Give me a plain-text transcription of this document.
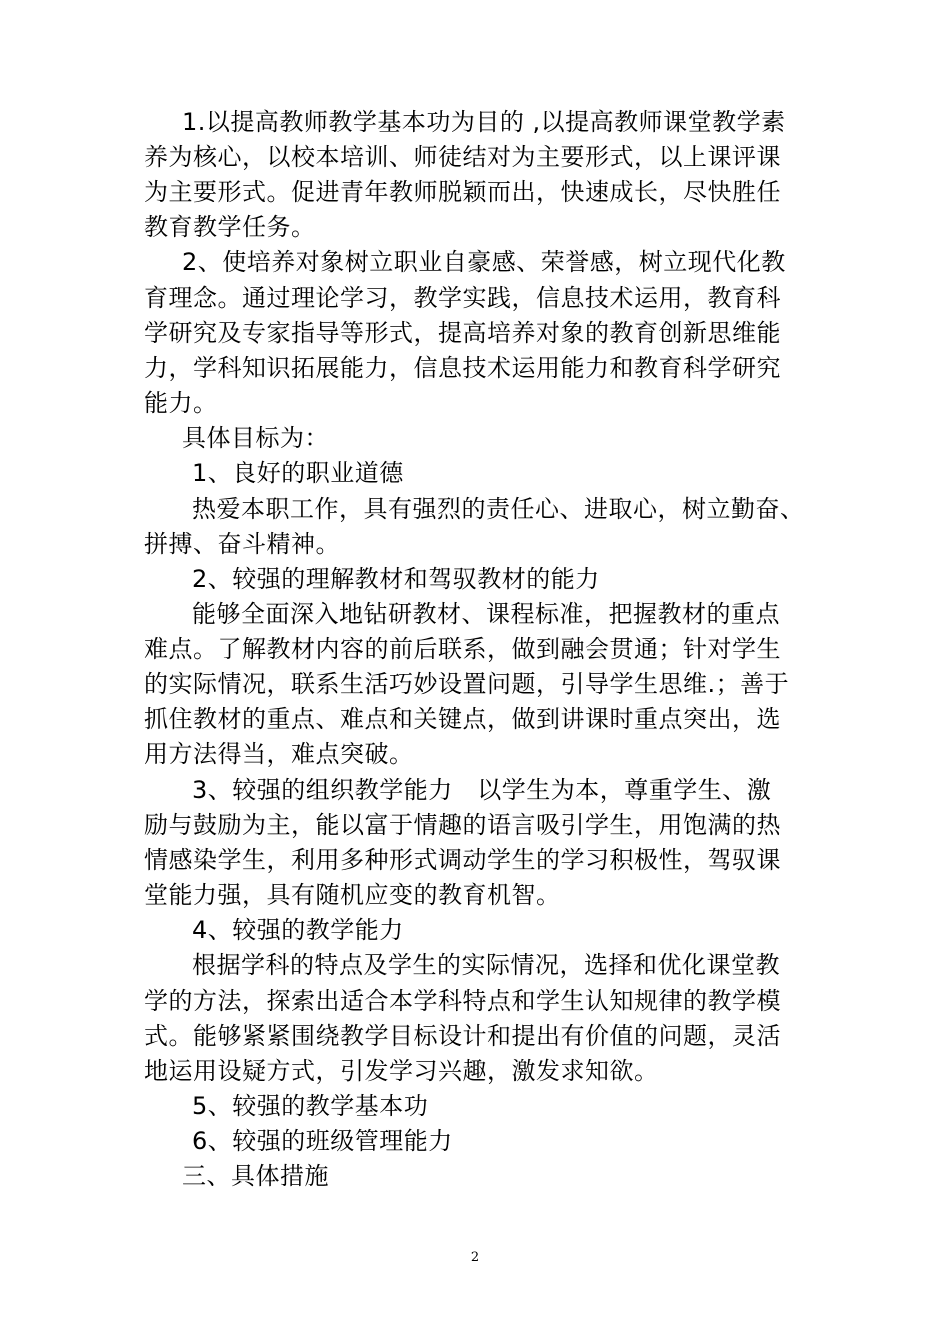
1.以提高教师教学基本功为目的 ,以提高教师课堂教学素
养为核心，以校本培训、师徒结对为主要形式，以上课评课
为主要形式。促进青年教师脱颖而出，快速成长，尽快胜任
教育教学任务。
2、使培养对象树立职业自豪感、荣誉感，树立现代化教
育理念。通过理论学习，教学实践，信息技术运用，教育科
学研究及专家指导等形式，提高培养对象的教育创新思维能
力，学科知识拓展能力，信息技术运用能力和教育科学研究
能力。
具体目标为：
1、良好的职业道德
热爱本职工作，具有强烈的责任心、进取心，树立勤奋、
拼搏、奋斗精神。
2、较强的理解教材和驾驭教材的能力
能够全面深入地钻研教材、课程标准，把握教材的重点
难点。了解教材内容的前后联系，做到融会贯通；针对学生
的实际情况，联系生活巧妙设置问题，引导学生思维.；善于
抓住教材的重点、难点和关键点，做到讲课时重点突出，选
用方法得当，难点突破。
3、较强的组织教学能力　以学生为本，尊重学生、激
励与鼓励为主，能以富于情趣的语言吸引学生，用饱满的热
情感染学生，利用多种形式调动学生的学习积极性，驾驭课
堂能力强，具有随机应变的教育机智。
4、较强的教学能力
根据学科的特点及学生的实际情况，选择和优化课堂教
学的方法，探索出适合本学科特点和学生认知规律的教学模
式。能够紧紧围绕教学目标设计和提出有价值的问题，灵活
地运用设疑方式，引发学习兴趣，激发求知欲。
5、较强的教学基本功
6、较强的班级管理能力
三、具体措施
2
